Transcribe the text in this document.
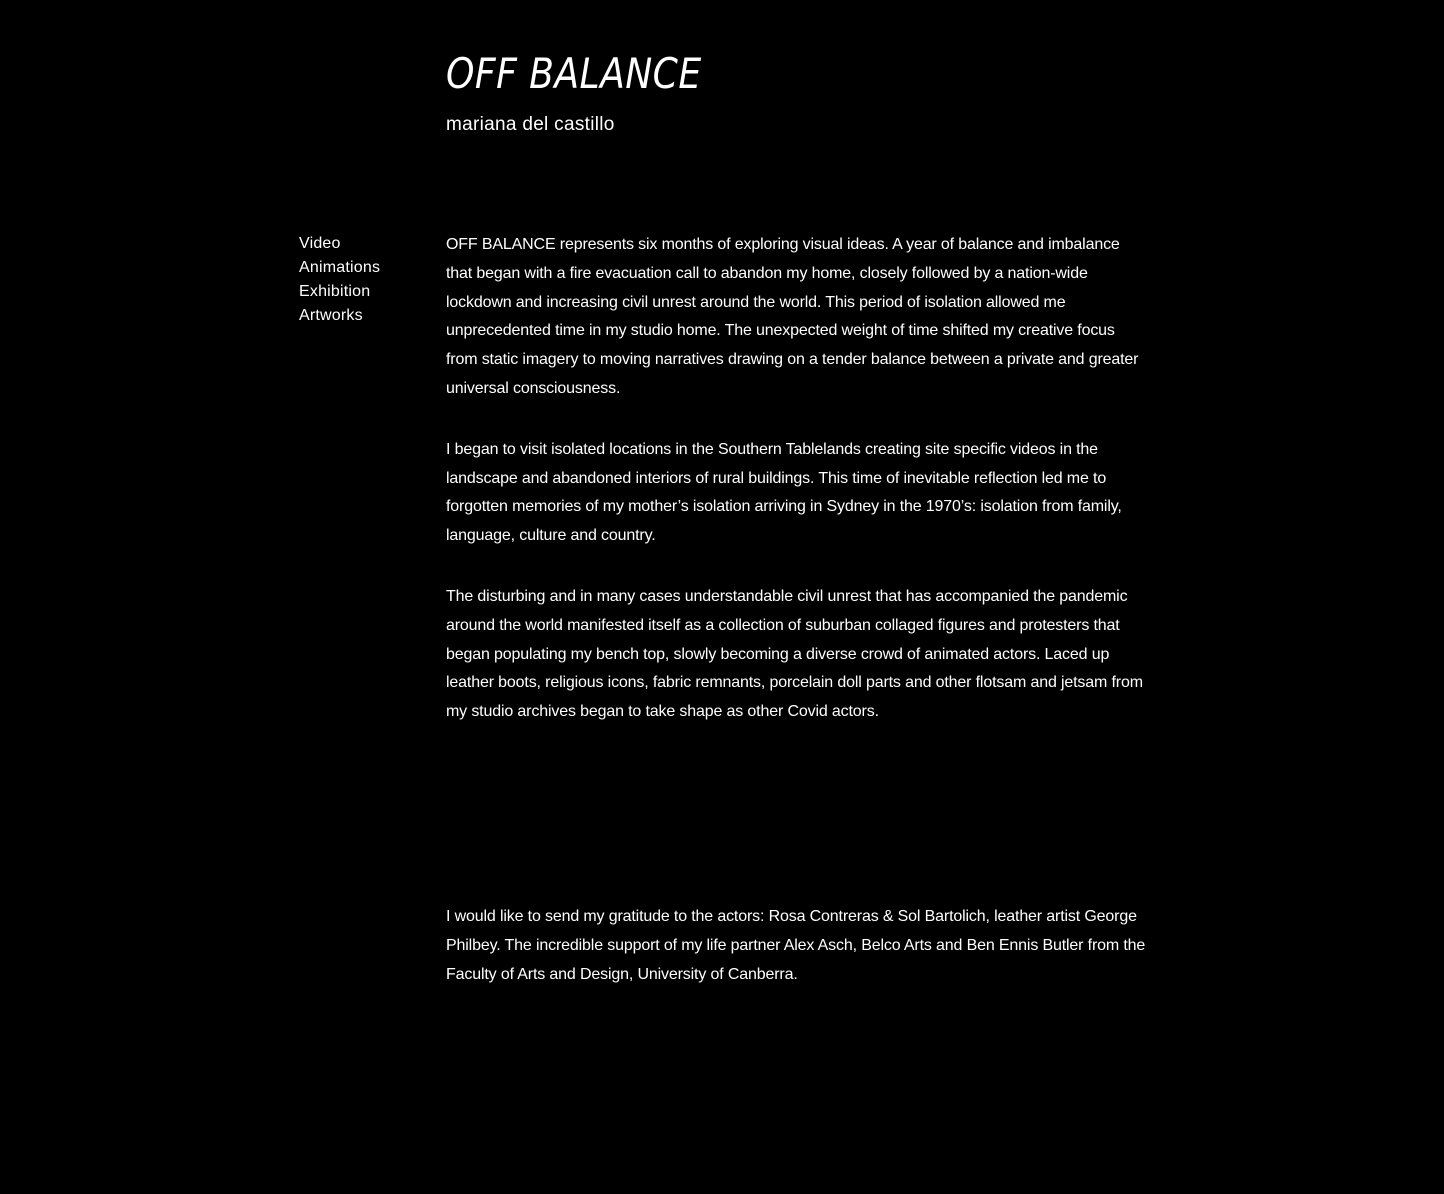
OFF BALANCE
mariana del castillo
Video
Animations
Exhibition
Artworks

OFF BALANCE represents six months of exploring visual ideas. A year of balance and imbalance that began with a fire evacuation call to abandon my home, closely followed by a nation-wide lockdown and increasing civil unrest around the world. This period of isolation allowed me unprecedented time in my studio home. The unexpected weight of time shifted my creative focus from static imagery to moving narratives drawing on a tender balance between a private and greater universal consciousness.

I began to visit isolated locations in the Southern Tablelands creating site specific videos in the landscape and abandoned interiors of rural buildings. This time of inevitable reflection led me to forgotten memories of my mother’s isolation arriving in Sydney in the 1970’s: isolation from family, language, culture and country.

The disturbing and in many cases understandable civil unrest that has accompanied the pandemic around the world manifested itself as a collection of suburban collaged figures and protesters that began populating my bench top, slowly becoming a diverse crowd of animated actors. Laced up leather boots, religious icons, fabric remnants, porcelain doll parts and other flotsam and jetsam from my studio archives began to take shape as other Covid actors.

I would like to send my gratitude to the actors: Rosa Contreras & Sol Bartolich, leather artist George Philbey. The incredible support of my life partner Alex Asch, Belco Arts and Ben Ennis Butler from the Faculty of Arts and Design, University of Canberra.
